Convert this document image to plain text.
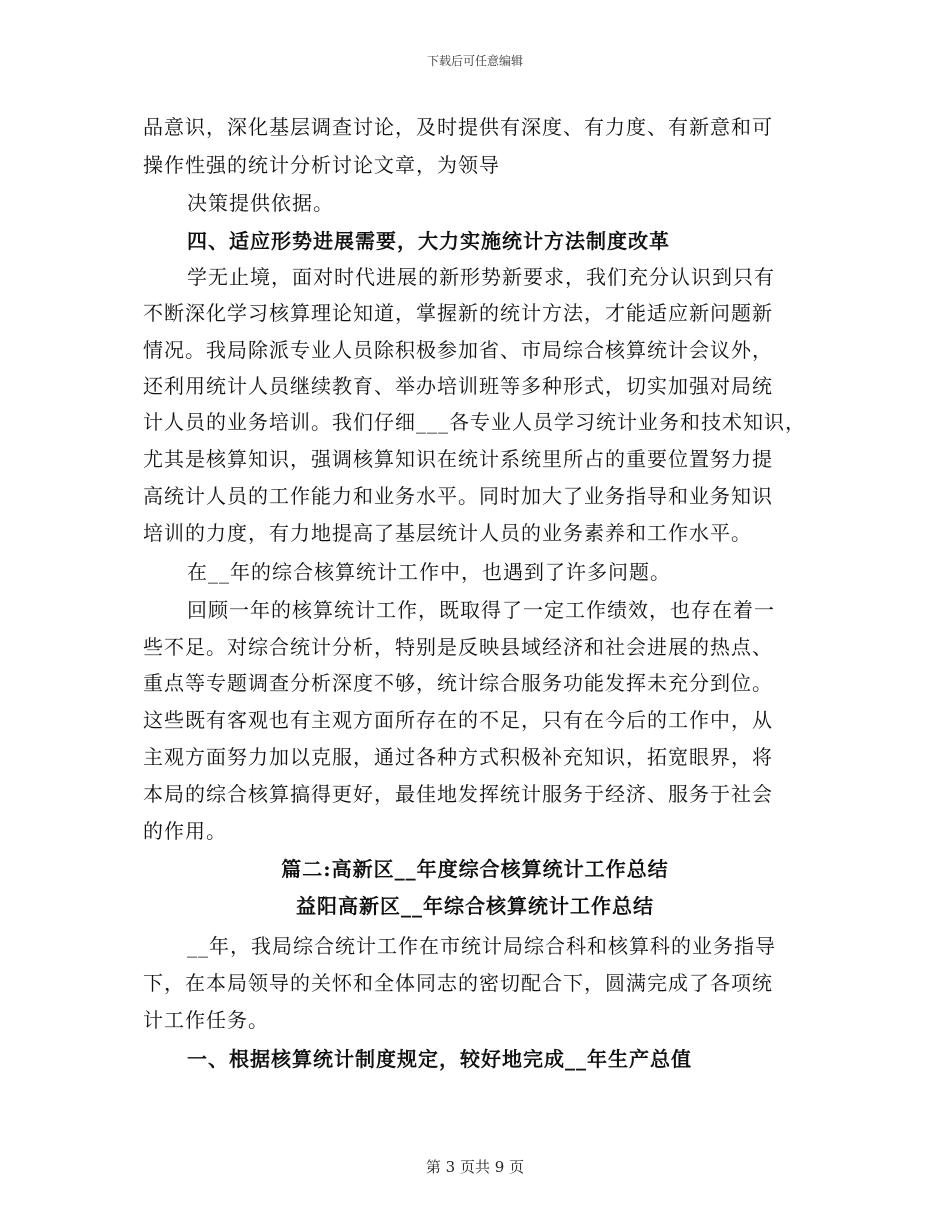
下载后可任意编辑
品意识，深化基层调查讨论，及时提供有深度、有力度、有新意和可
操作性强的统计分析讨论文章，为领导
决策提供依据。
四、适应形势进展需要，大力实施统计方法制度改革
学无止境，面对时代进展的新形势新要求，我们充分认识到只有
不断深化学习核算理论知道，掌握新的统计方法，才能适应新问题新
情况。我局除派专业人员除积极参加省、市局综合核算统计会议外，
还利用统计人员继续教育、举办培训班等多种形式，切实加强对局统
计人员的业务培训。我们仔细___各专业人员学习统计业务和技术知识，
尤其是核算知识，强调核算知识在统计系统里所占的重要位置努力提
高统计人员的工作能力和业务水平。同时加大了业务指导和业务知识
培训的力度，有力地提高了基层统计人员的业务素养和工作水平。
在__年的综合核算统计工作中，也遇到了许多问题。
回顾一年的核算统计工作，既取得了一定工作绩效，也存在着一
些不足。对综合统计分析，特别是反映县域经济和社会进展的热点、
重点等专题调查分析深度不够，统计综合服务功能发挥未充分到位。
这些既有客观也有主观方面所存在的不足，只有在今后的工作中，从
主观方面努力加以克服，通过各种方式积极补充知识，拓宽眼界，将
本局的综合核算搞得更好，最佳地发挥统计服务于经济、服务于社会
的作用。
篇二:高新区__年度综合核算统计工作总结
益阳高新区__年综合核算统计工作总结
__年，我局综合统计工作在市统计局综合科和核算科的业务指导
下，在本局领导的关怀和全体同志的密切配合下，圆满完成了各项统
计工作任务。
一、根据核算统计制度规定，较好地完成__年生产总值
第 3 页共 9 页
